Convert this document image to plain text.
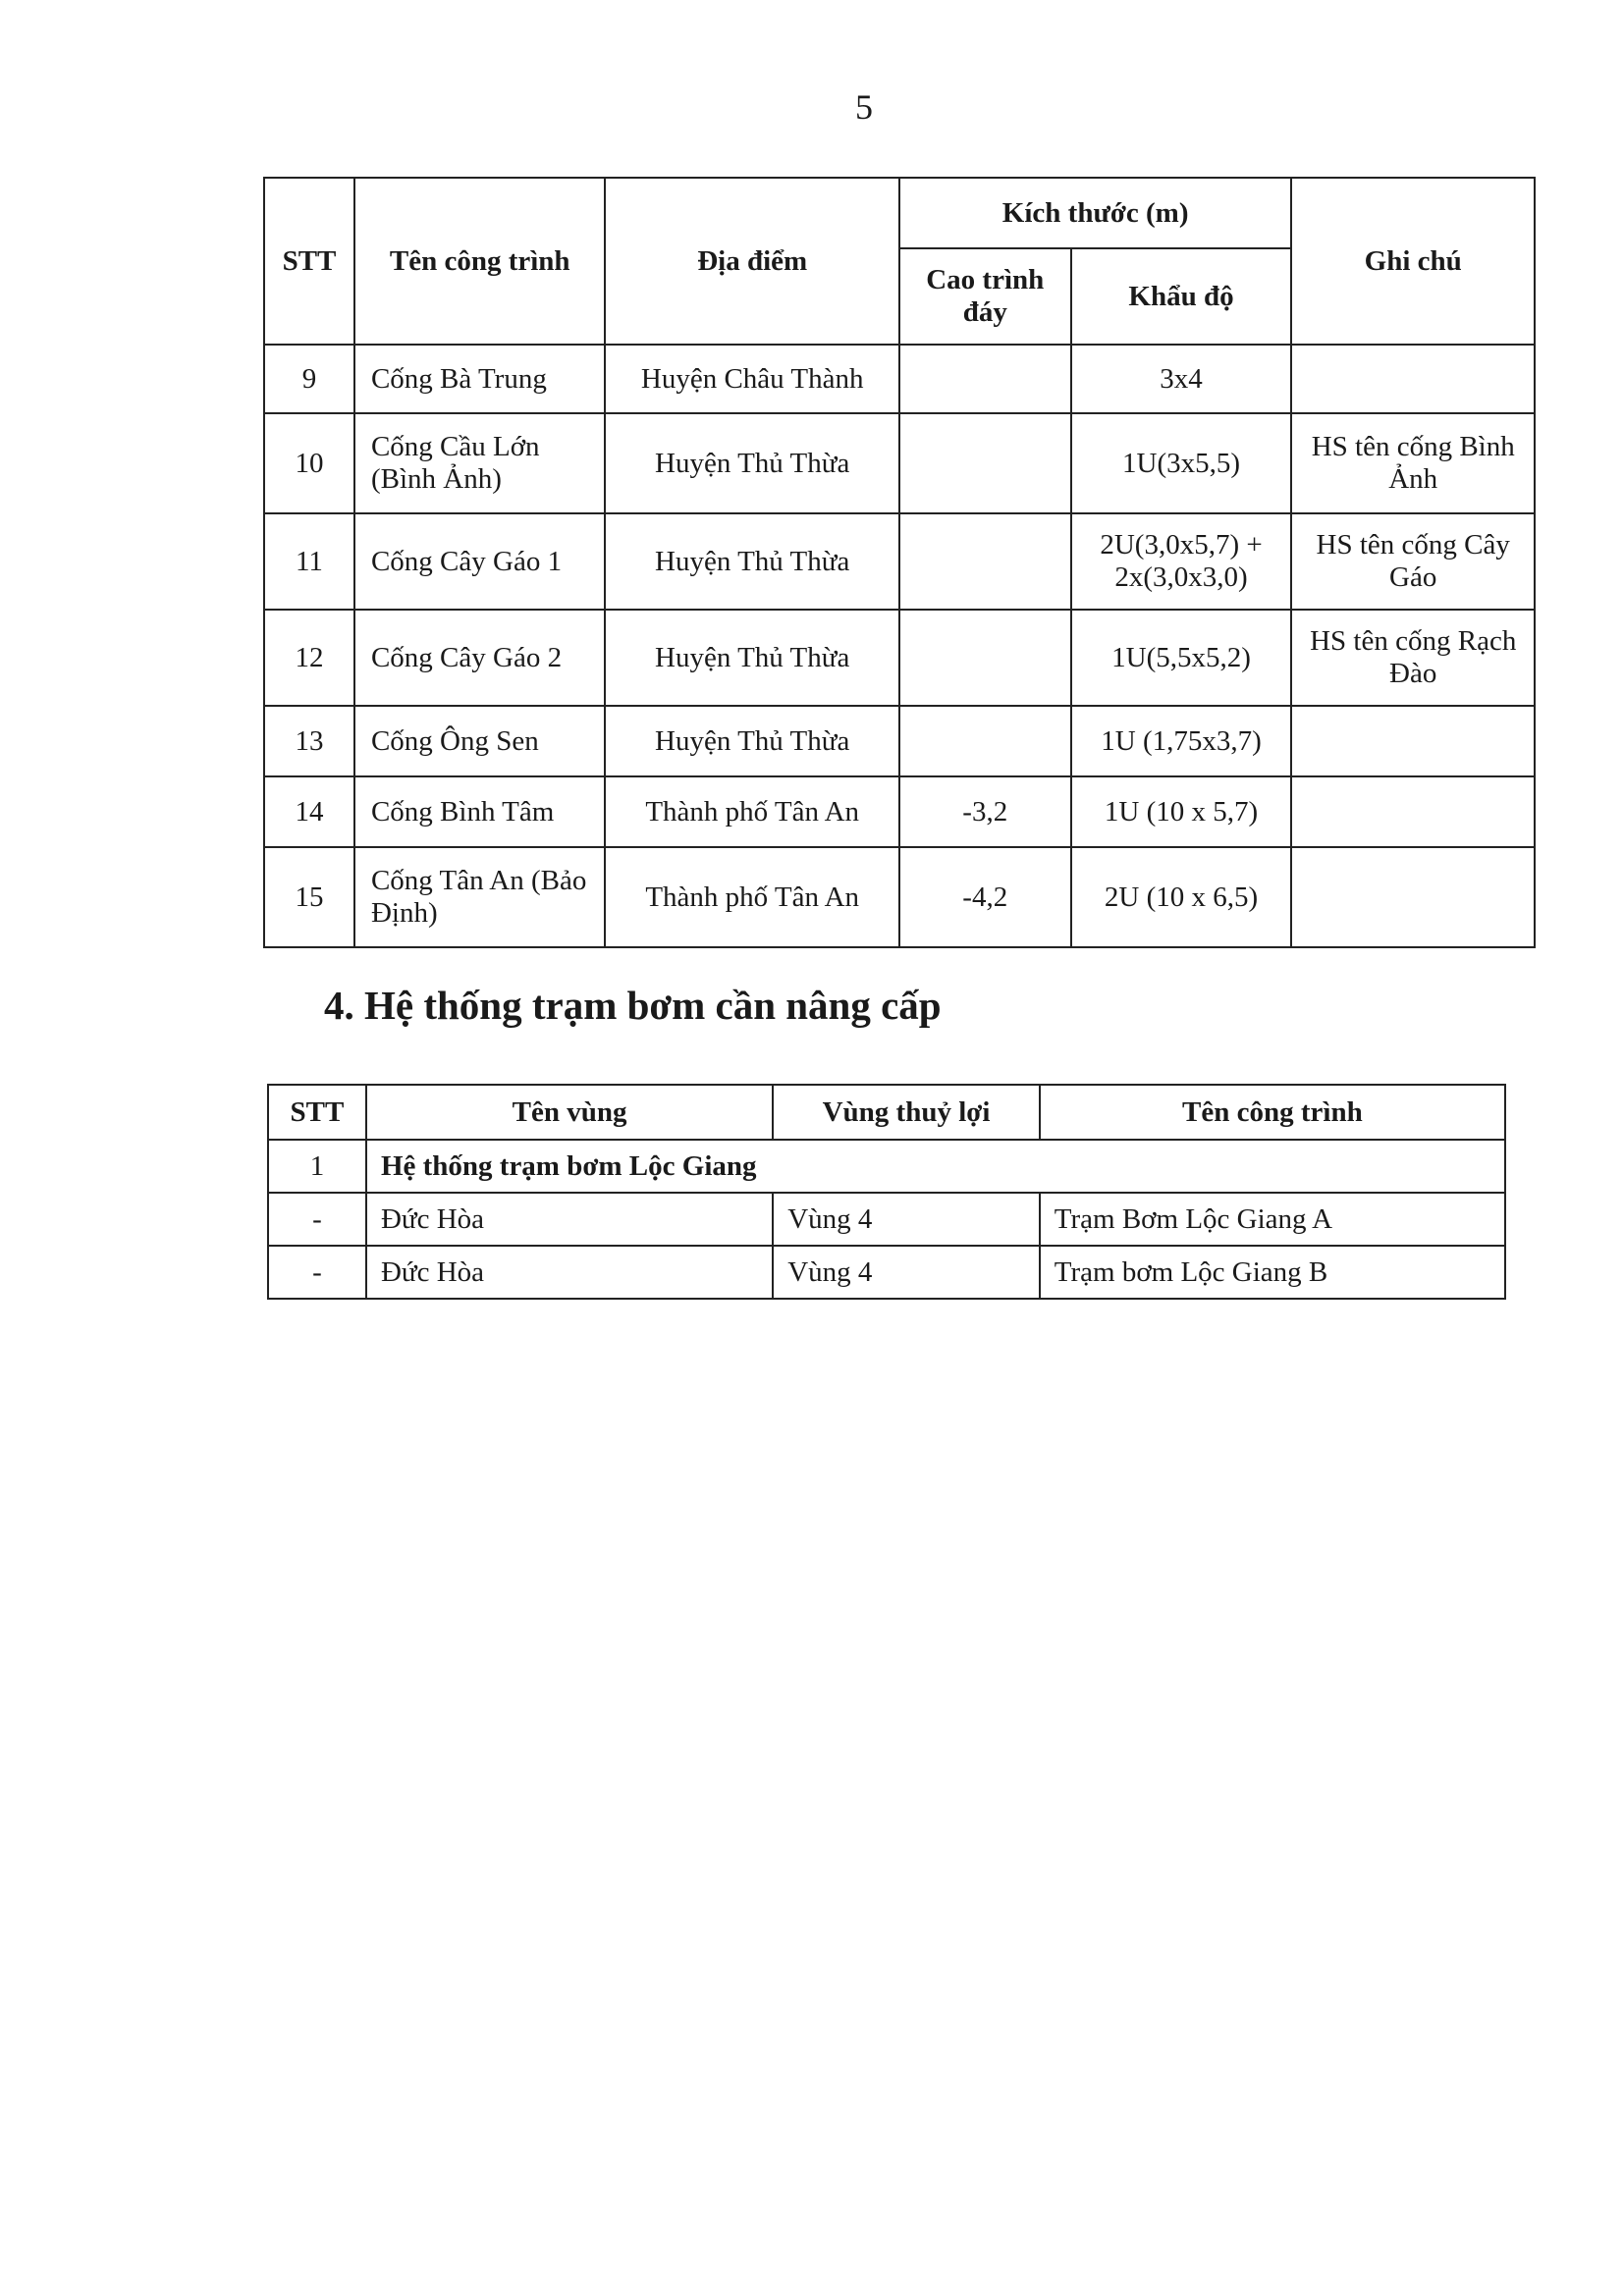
5
STT	Tên công trình	Địa điểm	Kích thước (m)		Ghi chú
			Cao trình đáy	Khẩu độ	
9	Cống Bà Trung	Huyện Châu Thành		3x4	
10	Cống Cầu Lớn (Bình Ảnh)	Huyện Thủ Thừa		1U(3x5,5)	HS tên cống Bình Ảnh
11	Cống Cây Gáo 1	Huyện Thủ Thừa		2U(3,0x5,7) + 2x(3,0x3,0)	HS tên cống Cây Gáo
12	Cống Cây Gáo 2	Huyện Thủ Thừa		1U(5,5x5,2)	HS tên cống Rạch Đào
13	Cống Ông Sen	Huyện Thủ Thừa		1U (1,75x3,7)	
14	Cống Bình Tâm	Thành phố Tân An	-3,2	1U (10 x 5,7)	
15	Cống Tân An (Bảo Định)	Thành phố Tân An	-4,2	2U (10 x 6,5)	
4. Hệ thống trạm bơm cần nâng cấp
STT	Tên vùng	Vùng thuỷ lợi	Tên công trình
1	Hệ thống trạm bơm Lộc Giang		
-	Đức Hòa	Vùng 4	Trạm Bơm Lộc Giang A
-	Đức Hòa	Vùng 4	Trạm bơm Lộc Giang B
